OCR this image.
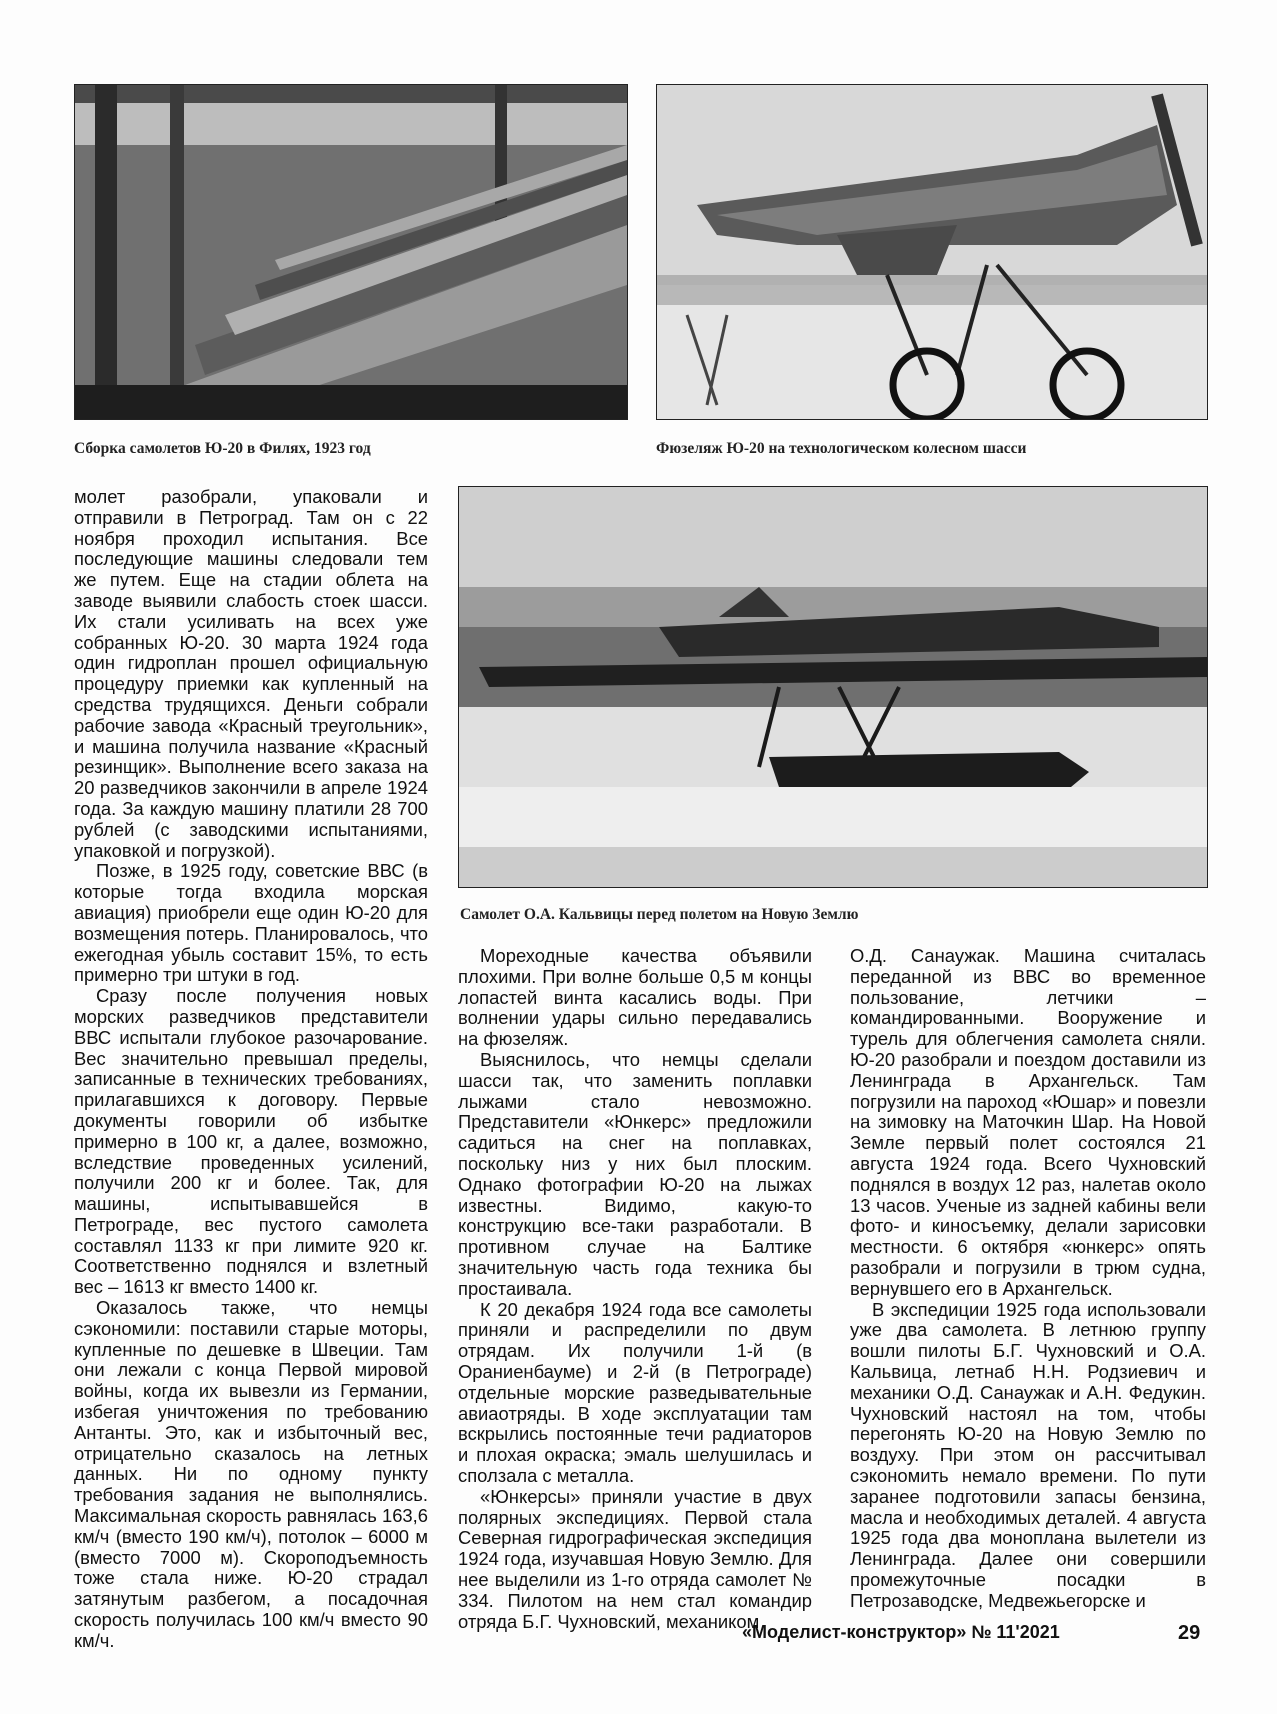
Сборка самолетов Ю-20 в Филях, 1923 год	Фюзеляж Ю-20 на технологическом колесном шасси
Самолет О.А. Кальвицы перед полетом на Новую Землю

молет разобрали, упаковали и отправили в Петроград. Там он с 22 ноября проходил испытания. Все последующие машины следовали тем же путем. Еще на стадии облета на заводе выявили слабость стоек шасси. Их стали усиливать на всех уже собранных Ю-20. 30 марта 1924 года один гидроплан прошел официальную процедуру приемки как купленный на средства трудящихся. Деньги собрали рабочие завода «Красный треугольник», и машина получила название «Красный резинщик». Выполнение всего заказа на 20 разведчиков закончили в апреле 1924 года. За каждую машину платили 28 700 рублей (с заводскими испытаниями, упаковкой и погрузкой).

Позже, в 1925 году, советские ВВС (в которые тогда входила морская авиация) приобрели еще один Ю-20 для возмещения потерь. Планировалось, что ежегодная убыль составит 15%, то есть примерно три штуки в год.

Сразу после получения новых морских разведчиков представители ВВС испытали глубокое разочарование. Вес значительно превышал пределы, записанные в технических требованиях, прилагавшихся к договору. Первые документы говорили об избытке примерно в 100 кг, а далее, возможно, вследствие проведенных усилений, получили 200 кг и более. Так, для машины, испытывавшейся в Петрограде, вес пустого самолета составлял 1133 кг при лимите 920 кг. Соответственно поднялся и взлетный вес – 1613 кг вместо 1400 кг.

Оказалось также, что немцы сэкономили: поставили старые моторы, купленные по дешевке в Швеции. Там они лежали с конца Первой мировой войны, когда их вывезли из Германии, избегая уничтожения по требованию Антанты. Это, как и избыточный вес, отрицательно сказалось на летных данных. Ни по одному пункту требования задания не выполнялись. Максимальная скорость равнялась 163,6 км/ч (вместо 190 км/ч), потолок – 6000 м (вместо 7000 м). Скороподъемность тоже стала ниже. Ю-20 страдал затянутым разбегом, а посадочная скорость получилась 100 км/ч вместо 90 км/ч.

Мореходные качества объявили плохими. При волне больше 0,5 м концы лопастей винта касались воды. При волнении удары сильно передавались на фюзеляж.

Выяснилось, что немцы сделали шасси так, что заменить поплавки лыжами стало невозможно. Представители «Юнкерс» предложили садиться на снег на поплавках, поскольку низ у них был плоским. Однако фотографии Ю-20 на лыжах известны. Видимо, какую-то конструкцию все-таки разработали. В противном случае на Балтике значительную часть года техника бы простаивала.

К 20 декабря 1924 года все самолеты приняли и распределили по двум отрядам. Их получили 1-й (в Ораниенбауме) и 2-й (в Петрограде) отдельные морские разведывательные авиаотряды. В ходе эксплуатации там вскрылись постоянные течи радиаторов и плохая окраска; эмаль шелушилась и сползала с металла.

«Юнкерсы» приняли участие в двух полярных экспедициях. Первой стала Северная гидрографическая экспедиция 1924 года, изучавшая Новую Землю. Для нее выделили из 1-го отряда самолет № 334. Пилотом на нем стал командир отряда Б.Г. Чухновский, механиком

О.Д. Санаужак. Машина считалась переданной из ВВС во временное пользование, летчики – командированными. Вооружение и турель для облегчения самолета сняли. Ю-20 разобрали и поездом доставили из Ленинграда в Архангельск. Там погрузили на пароход «Юшар» и повезли на зимовку на Маточкин Шар. На Новой Земле первый полет состоялся 21 августа 1924 года. Всего Чухновский поднялся в воздух 12 раз, налетав около 13 часов. Ученые из задней кабины вели фото- и киносъемку, делали зарисовки местности. 6 октября «юнкерс» опять разобрали и погрузили в трюм судна, вернувшего его в Архангельск.

В экспедиции 1925 года использовали уже два самолета. В летнюю группу вошли пилоты Б.Г. Чухновский и О.А. Кальвица, летнаб Н.Н. Родзиевич и механики О.Д. Санаужак и А.Н. Федукин. Чухновский настоял на том, чтобы перегонять Ю-20 на Новую Землю по воздуху. При этом он рассчитывал сэкономить немало времени. По пути заранее подготовили запасы бензина, масла и необходимых деталей. 4 августа 1925 года два моноплана вылетели из Ленинграда. Далее они совершили промежуточные посадки в Петрозаводске, Медвежьегорске и

«Моделист-конструктор» № 11'2021	29
